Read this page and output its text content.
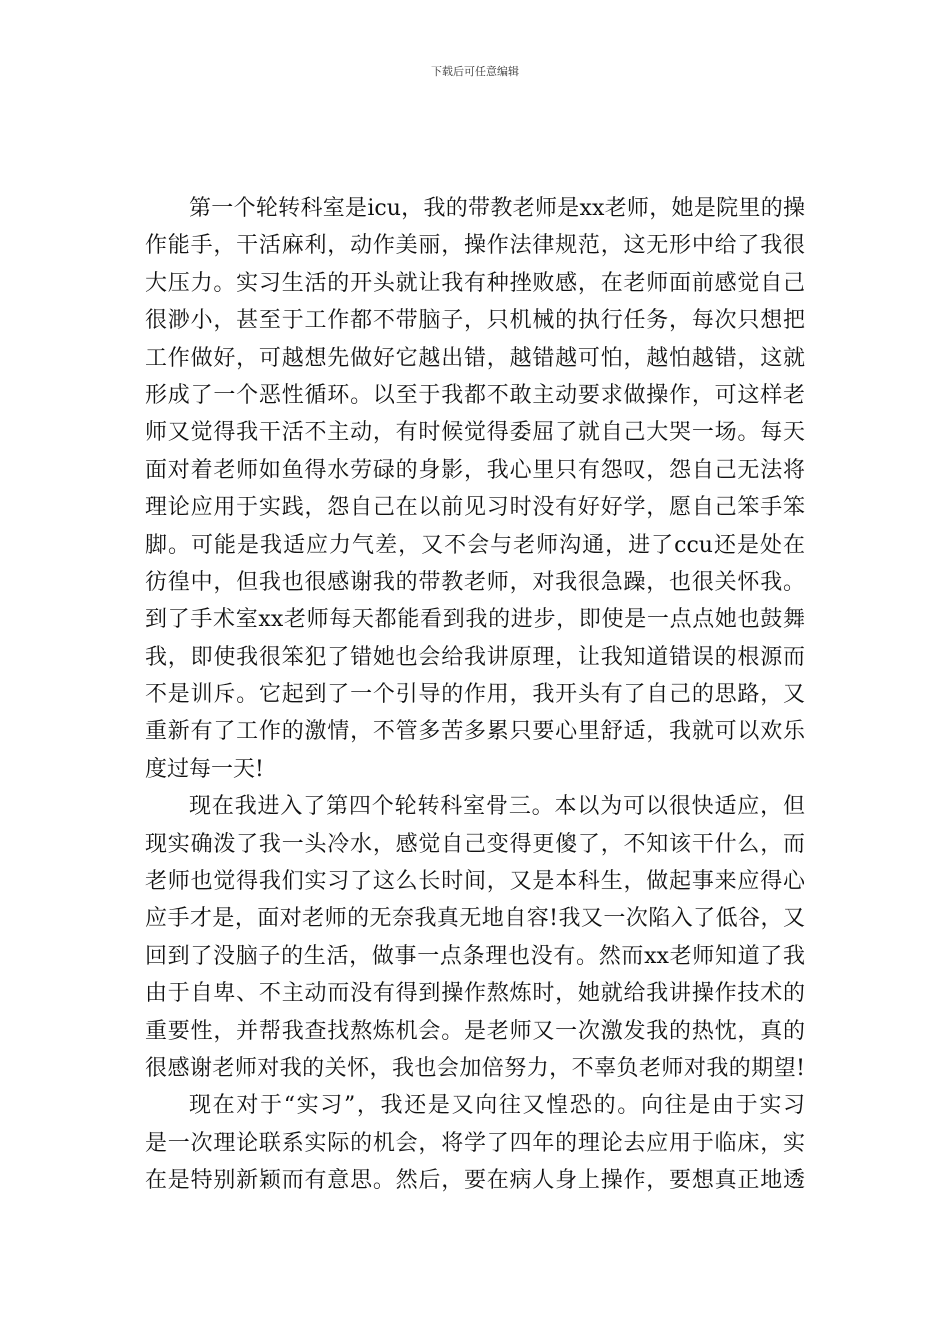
下载后可任意编辑
第一个轮转科室是icu，我的带教老师是xx老师，她是院里的操
作能手，干活麻利，动作美丽，操作法律规范，这无形中给了我很
大压力。实习生活的开头就让我有种挫败感，在老师面前感觉自己
很渺小，甚至于工作都不带脑子，只机械的执行任务，每次只想把
工作做好，可越想先做好它越出错，越错越可怕，越怕越错，这就
形成了一个恶性循环。以至于我都不敢主动要求做操作，可这样老
师又觉得我干活不主动，有时候觉得委屈了就自己大哭一场。每天
面对着老师如鱼得水劳碌的身影，我心里只有怨叹，怨自己无法将
理论应用于实践，怨自己在以前见习时没有好好学，愿自己笨手笨
脚。可能是我适应力气差，又不会与老师沟通，进了ccu还是处在
彷徨中，但我也很感谢我的带教老师，对我很急躁，也很关怀我。
到了手术室xx老师每天都能看到我的进步，即使是一点点她也鼓舞
我，即使我很笨犯了错她也会给我讲原理，让我知道错误的根源而
不是训斥。它起到了一个引导的作用，我开头有了自己的思路，又
重新有了工作的激情，不管多苦多累只要心里舒适，我就可以欢乐
度过每一天!
现在我进入了第四个轮转科室骨三。本以为可以很快适应，但
现实确泼了我一头冷水，感觉自己变得更傻了，不知该干什么，而
老师也觉得我们实习了这么长时间，又是本科生，做起事来应得心
应手才是，面对老师的无奈我真无地自容!我又一次陷入了低谷，又
回到了没脑子的生活，做事一点条理也没有。然而xx老师知道了我
由于自卑、不主动而没有得到操作熬炼时，她就给我讲操作技术的
重要性，并帮我查找熬炼机会。是老师又一次激发我的热忱，真的
很感谢老师对我的关怀，我也会加倍努力，不辜负老师对我的期望!
现在对于“实习”，我还是又向往又惶恐的。向往是由于实习
是一次理论联系实际的机会，将学了四年的理论去应用于临床，实
在是特别新颖而有意思。然后，要在病人身上操作，要想真正地透
